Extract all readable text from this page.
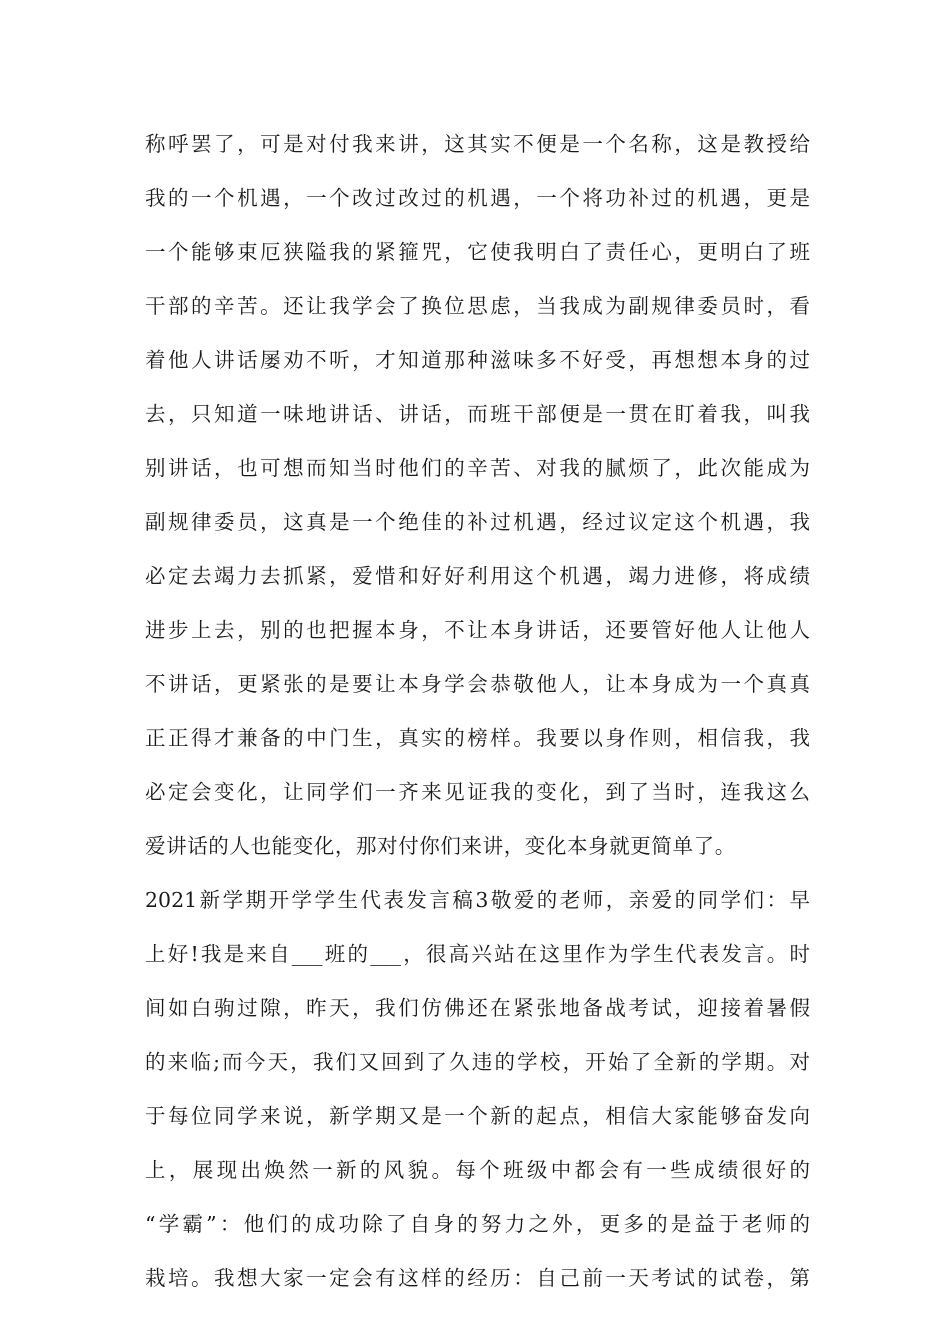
称呼罢了，可是对付我来讲，这其实不便是一个名称，这是教授给
我的一个机遇，一个改过改过的机遇，一个将功补过的机遇，更是
一个能够束厄狭隘我的紧箍咒，它使我明白了责任心，更明白了班
干部的辛苦。还让我学会了换位思虑，当我成为副规律委员时，看
着他人讲话屡劝不听，才知道那种滋味多不好受，再想想本身的过
去，只知道一味地讲话、讲话，而班干部便是一贯在盯着我，叫我
别讲话，也可想而知当时他们的辛苦、对我的腻烦了，此次能成为
副规律委员，这真是一个绝佳的补过机遇，经过议定这个机遇，我
必定去竭力去抓紧，爱惜和好好利用这个机遇，竭力进修，将成绩
进步上去，别的也把握本身，不让本身讲话，还要管好他人让他人
不讲话，更紧张的是要让本身学会恭敬他人，让本身成为一个真真
正正得才兼备的中门生，真实的榜样。我要以身作则，相信我，我
必定会变化，让同学们一齐来见证我的变化，到了当时，连我这么
爱讲话的人也能变化，那对付你们来讲，变化本身就更简单了。
2021新学期开学学生代表发言稿3敬爱的老师，亲爱的同学们：早
上好!我是来自___班的___，很高兴站在这里作为学生代表发言。时
间如白驹过隙，昨天，我们仿佛还在紧张地备战考试，迎接着暑假
的来临;而今天，我们又回到了久违的学校，开始了全新的学期。对
于每位同学来说，新学期又是一个新的起点，相信大家能够奋发向
上，展现出焕然一新的风貌。每个班级中都会有一些成绩很好的
“学霸”：他们的成功除了自身的努力之外，更多的是益于老师的
栽培。我想大家一定会有这样的经历：自己前一天考试的试卷，第
